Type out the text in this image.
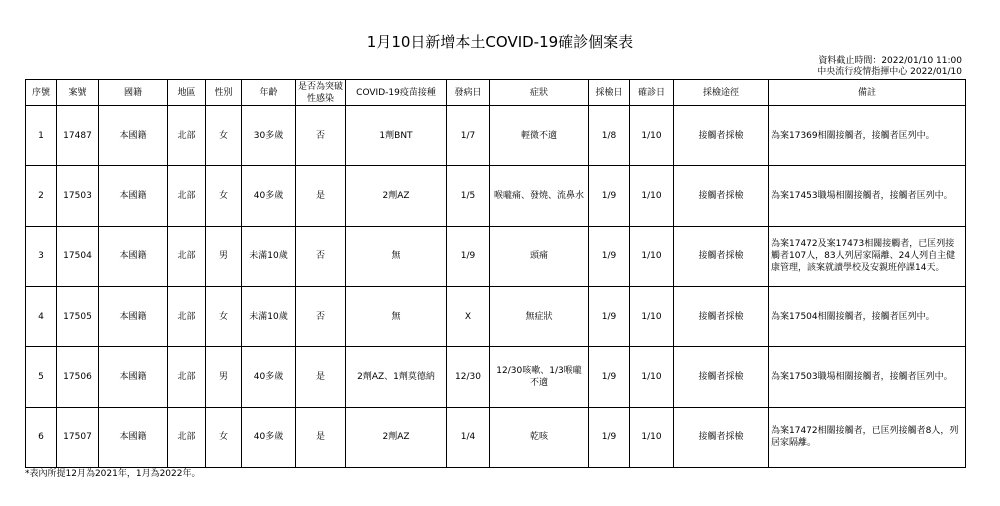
1月10日新增本土COVID-19確診個案表
資料截止時間：2022/01/10 11:00
中央流行疫情指揮中心 2022/01/10
序號	案號	國籍	地區	性別	年齡	是否為突破性感染	COVID-19疫苗接種	發病日	症狀	採檢日	確診日	採檢途徑	備註
1	17487	本國籍	北部	女	30多歲	否	1劑BNT	1/7	輕微不適	1/8	1/10	接觸者採檢	為案17369相關接觸者，接觸者匡列中。
2	17503	本國籍	北部	女	40多歲	是	2劑AZ	1/5	喉嚨痛、發燒、流鼻水	1/9	1/10	接觸者採檢	為案17453職場相關接觸者，接觸者匡列中。
3	17504	本國籍	北部	男	未滿10歲	否	無	1/9	頭痛	1/9	1/10	接觸者採檢	為案17472及案17473相關接觸者，已匡列接觸者107人，83人列居家隔離、24人列自主健康管理，該案就讀學校及安親班停課14天。
4	17505	本國籍	北部	女	未滿10歲	否	無	X	無症狀	1/9	1/10	接觸者採檢	為案17504相關接觸者，接觸者匡列中。
5	17506	本國籍	北部	男	40多歲	是	2劑AZ、1劑莫德納	12/30	12/30咳嗽、1/3喉嚨不適	1/9	1/10	接觸者採檢	為案17503職場相關接觸者，接觸者匡列中。
6	17507	本國籍	北部	女	40多歲	是	2劑AZ	1/4	乾咳	1/9	1/10	接觸者採檢	為案17472相關接觸者，已匡列接觸者8人，列居家隔離。
*表內所提12月為2021年，1月為2022年。
